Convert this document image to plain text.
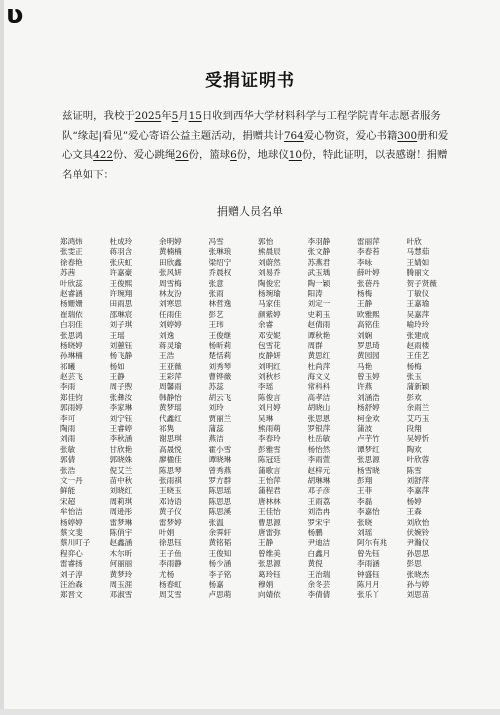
ʋ
受捐证明书
兹证明，我校于2025年5月15日收到西华大学材料科学与工程学院青年志愿者服务队“缘起|看见”爱心寄语公益主题活动，捐赠共计764爱心物资，爱心书籍300册和爱心文具422份、爱心跳绳26份，篮球6份，地球仪10份，特此证明，以表感谢！捐赠名单如下：
捐赠人员名单
郑鸿炜	杜成玲	余明婷	冯雪	郭怡	李羽静	雷丽萍	叶欣
张雯正	蒋羽含	黄楠楠	张琳琅	熊晨辰	张文静	李春苔	马慧茹
徐春艳	张庆虹	田欣鑫	梁绍宁	刘蔚然	苏燕君	李咏	王婧如
苏茜	许嘉豪	张风妍	乔晨权	刘易乔	武玉瑀	薛叶婷	腾丽文
叶欣蕊	王俊熙	周雪梅	张意	陶俊宏	陶一颖	张蓓丹	贺子贤薇
赵睿涵	许琬翔	林友汾	张雨	杨琬瑜	阳涛	杨梅	丁敏仪
杨姗姗	田雨思	刘寒思	林哲逸	马家佳	刘定一	王静	王嘉瑜
崔瑞依	邵琳宸	任雨佳	彭艺	颜紫婷	史莉玉	欧雅熙	吴嘉萍
白羽佳	刘子琪	刘婷婷	王玮	余睿	赵倩雨	高铭佳	喻玲玲
张思鸿	王瑶	刘逸	王俊继	邓安妮	谭秋艳	刘娴	张建成
杨晓婷	刘蕙钰	蒋灵瑜	杨昕莉	包雪花	周群	罗思琦	赵雨楼
孙琳楠	杨飞静	王浩	楚恬莉	皮静妍	黄思红	黄园园	王佳艺
祁曦	杨如	王亚薇	刘秀琴	刘明红	杜尚萍	马艳	杨梅
赵芸飞	王静	王彩萍	曹铧薇	刘秋杉	海文义	曾玉婷	张玉
李雨	周子煦	周馨雨	苏蕊	李瑶	常科科	许燕	蒲新颖
郑佳钧	张彝汝	韩静怡	胡云飞	陈俊言	高孝洁	刘涵浩	彭欢
郭雨婷	李家琳	黄梦瑶	刘玲	刘月婷	胡晓山	杨舒婷	余雨兰
李可	刘宁钰	代鑫红	贾丽兰	吴琳	张思恩	柯金欢	艾巧玉
陶雨	王睿婷	祁隽	蒲蕊	熊雨萌	罗银萍	蒲波	段翔
刘雨	李秋涵	谢思琪	燕洁	李春玲	杜岳敏	卢芋竹	吴婷忻
张敏	甘欣艳	高晟悦	霍小雪	彭雅雪	杨怡然	谭梦红	陶欢
郭倩	郭晓姝	廖楹佳	谭晓琳	陈冠廷	李雨萱	张思源	叶欣蓉
张浩	倪艾兰	陈思琴	曾秀燕	蒲歌言	赵梓元	杨雪晓	陈雪
文一丹	苗中秋	张雨祺	罗方群	王怡萍	胡琳琳	彭翔	刘舒萍
鲜能	刘晓红	王晓玉	陈思瑶	蒲程君	邓子彦	王菲	李嘉萍
宋超	周莉琪	邓诗语	陈思思	唐林林	王雨荔	李磊	杨婷
牟怡洁	周逊彤	黄子仪	陈思溪	王佳怡	刘浩冉	李嘉怡	王森
杨婷婷	雷梦琳	雷梦婷	张温	曹思源	罗宋宇	张晓	刘欣怡
蔡文斐	陈俏宇	叶娟	余霁轩	唐雷弥	杨鹏	刘瑶	伏婉铃
蔡川叮子	赵鑫涵	徐思钰	黄铭韬	王静	尹迪洁	阿尔有兆	尹瀚仪
程弈心	木尔昕	王子鱼	王俊知	曾维美	白鑫月	曾先钰	孙思思
雷睿扬	何丽丽	李雨静	杨少涵	张思源	黄倪	李雨涵	彭思
刘子淳	黄梦玲	尤杨	李子铭	葛玲钰	王治瑞	钟盛钰	张晓杰
汪治森	周玉涯	杨春虹	杨嘉	穆娟	余冬芸	陈月月	孙与婷
郑晋文	邓淑雪	周艾雪	卢思萌	向婧依	李倩倩	张乐丫	刘思苗
